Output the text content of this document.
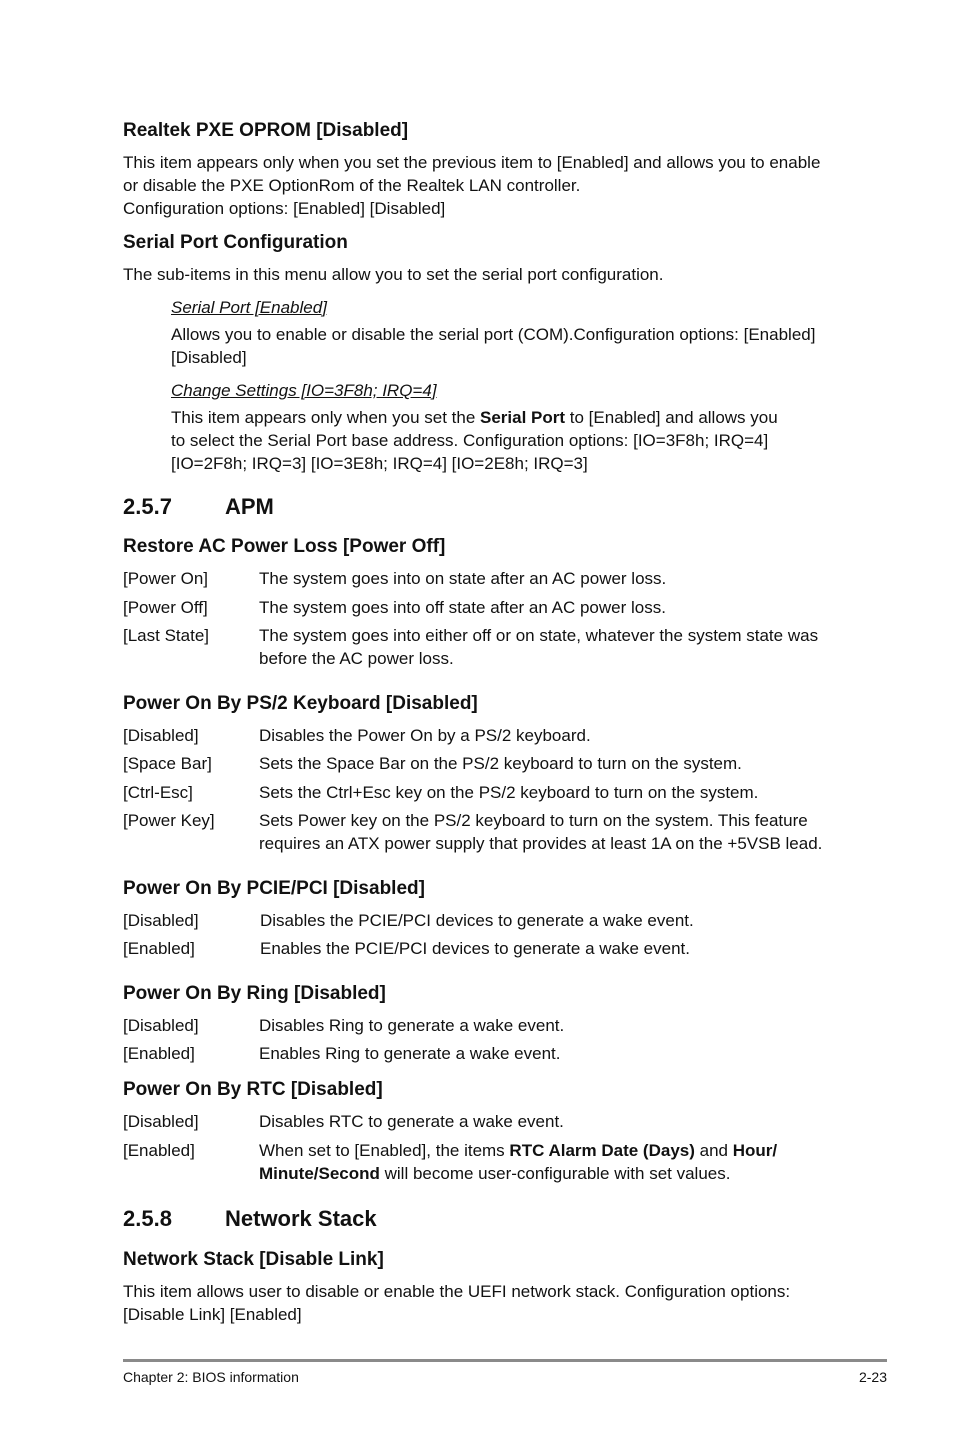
Realtek PXE OPROM [Disabled]
This item appears only when you set the previous item to [Enabled] and allows you to enable
or disable the PXE OptionRom of the Realtek LAN controller.
Configuration options: [Enabled] [Disabled]
Serial Port Configuration
The sub-items in this menu allow you to set the serial port configuration.
Serial Port [Enabled]
Allows you to enable or disable the serial port (COM).Configuration options: [Enabled]
[Disabled]
Change Settings [IO=3F8h; IRQ=4]
This item appears only when you set the Serial Port to [Enabled] and allows you
to select the Serial Port base address. Configuration options: [IO=3F8h; IRQ=4]
[IO=2F8h; IRQ=3] [IO=3E8h; IRQ=4] [IO=2E8h; IRQ=3]
2.5.7 APM
Restore AC Power Loss [Power Off]
[Power On]	The system goes into on state after an AC power loss.
[Power Off]	The system goes into off state after an AC power loss.
[Last State]	The system goes into either off or on state, whatever the system state was
before the AC power loss.
Power On By PS/2 Keyboard [Disabled]
[Disabled]	Disables the Power On by a PS/2 keyboard.
[Space Bar]	Sets the Space Bar on the PS/2 keyboard to turn on the system.
[Ctrl-Esc]	Sets the Ctrl+Esc key on the PS/2 keyboard to turn on the system.
[Power Key]	Sets Power key on the PS/2 keyboard to turn on the system. This feature
requires an ATX power supply that provides at least 1A on the +5VSB lead.
Power On By PCIE/PCI [Disabled]
[Disabled]	Disables the PCIE/PCI devices to generate a wake event.
[Enabled]	Enables the PCIE/PCI devices to generate a wake event.
Power On By Ring [Disabled]
[Disabled]	Disables Ring to generate a wake event.
[Enabled]	Enables Ring to generate a wake event.
Power On By RTC [Disabled]
[Disabled]	Disables RTC to generate a wake event.
[Enabled]	When set to [Enabled], the items RTC Alarm Date (Days) and Hour/
Minute/Second will become user-configurable with set values.
2.5.8 Network Stack
Network Stack [Disable Link]
This item allows user to disable or enable the UEFI network stack. Configuration options:
[Disable Link] [Enabled]
Chapter 2: BIOS information	2-23
